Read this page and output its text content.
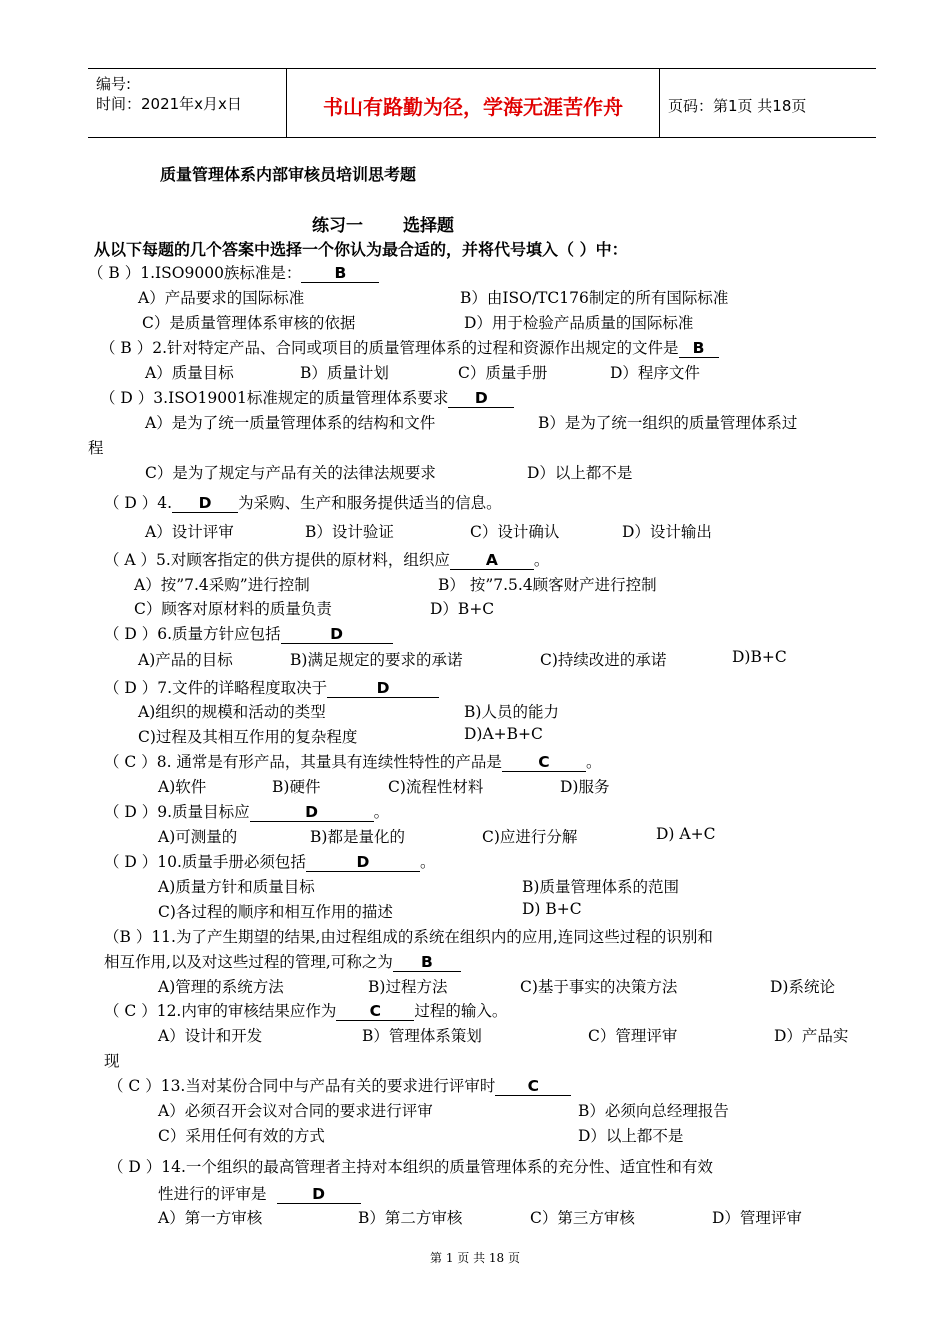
编号:
时间：2021年x月x日	书山有路勤为径，学海无涯苦作舟	页码：第1页 共18页
质量管理体系内部审核员培训思考题
练习一 选择题
从以下每题的几个答案中选择一个你认为最合适的，并将代号填入（ ）中：
（ B ）1.ISO9000族标准是： B
A）产品要求的国际标准	B）由ISO/TC176制定的所有国际标准
C）是质量管理体系审核的依据	D）用于检验产品质量的国际标准
（ B ）2.针对特定产品、合同或项目的质量管理体系的过程和资源作出规定的文件是 B
A）质量目标	B）质量计划	C）质量手册	D）程序文件
（ D ）3.ISO19001标准规定的质量管理体系要求 D
A）是为了统一质量管理体系的结构和文件	B）是为了统一组织的质量管理体系过
程
C）是为了规定与产品有关的法律法规要求	D）以上都不是
（ D ）4. D 为采购、生产和服务提供适当的信息。
A）设计评审	B）设计验证	C）设计确认	D）设计输出
（ A ）5.对顾客指定的供方提供的原材料，组织应 A 。
A）按”7.4采购”进行控制	B） 按”7.5.4顾客财产进行控制
C）顾客对原材料的质量负责	D）B+C
（ D ）6.质量方针应包括	D
A)产品的目标	B)满足规定的要求的承诺	C)持续改进的承诺	D)B+C
（ D ）7.文件的详略程度取决于	D
A)组织的规模和活动的类型	B)人员的能力
C)过程及其相互作用的复杂程度	D)A+B+C
（ C ）8. 通常是有形产品，其量具有连续性特性的产品是 C 。
A)软件	B)硬件	C)流程性材料	D)服务
（ D ）9.质量目标应	D	。
A)可测量的	B)都是量化的	C)应进行分解	D) A+C
（ D ）10.质量手册必须包括	D	。
A)质量方针和质量目标	B)质量管理体系的范围
C)各过程的顺序和相互作用的描述	D) B+C
（B ）11.为了产生期望的结果,由过程组成的系统在组织内的应用,连同这些过程的识别和
相互作用,以及对这些过程的管理,可称之为 B
A)管理的系统方法	B)过程方法	C)基于事实的决策方法	D)系统论
（ C ）12.内审的审核结果应作为 C 过程的输入。
A）设计和开发	B）管理体系策划	C）管理评审	D）产品实
现
（ C ）13.当对某份合同中与产品有关的要求进行评审时 C
A）必须召开会议对合同的要求进行评审	B）必须向总经理报告
C）采用任何有效的方式	D）以上都不是
（ D ）14.一个组织的最高管理者主持对本组织的质量管理体系的充分性、适宜性和有效
性进行的评审是	D
A）第一方审核	B）第二方审核	C）第三方审核	D）管理评审
第 1 页 共 18 页
